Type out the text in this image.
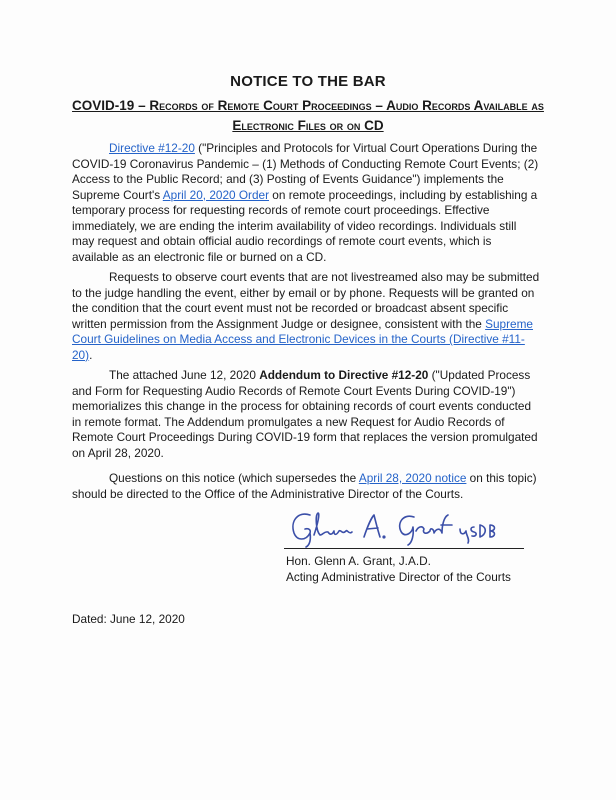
NOTICE TO THE BAR
COVID-19 – Records of Remote Court Proceedings – Audio Records Available as Electronic Files or on CD

Directive #12-20 ("Principles and Protocols for Virtual Court Operations During the COVID-19 Coronavirus Pandemic – (1) Methods of Conducting Remote Court Events; (2) Access to the Public Record; and (3) Posting of Events Guidance") implements the Supreme Court's April 20, 2020 Order on remote proceedings, including by establishing a temporary process for requesting records of remote court proceedings. Effective immediately, we are ending the interim availability of video recordings. Individuals still may request and obtain official audio recordings of remote court events, which is available as an electronic file or burned on a CD.

Requests to observe court events that are not livestreamed also may be submitted to the judge handling the event, either by email or by phone. Requests will be granted on the condition that the court event must not be recorded or broadcast absent specific written permission from the Assignment Judge or designee, consistent with the Supreme Court Guidelines on Media Access and Electronic Devices in the Courts (Directive #11-20).

The attached June 12, 2020 Addendum to Directive #12-20 ("Updated Process and Form for Requesting Audio Records of Remote Court Events During COVID-19") memorializes this change in the process for obtaining records of court events conducted in remote format. The Addendum promulgates a new Request for Audio Records of Remote Court Proceedings During COVID-19 form that replaces the version promulgated on April 28, 2020.

Questions on this notice (which supersedes the April 28, 2020 notice on this topic) should be directed to the Office of the Administrative Director of the Courts.

Hon. Glenn A. Grant, J.A.D.
Acting Administrative Director of the Courts
Dated: June 12, 2020
